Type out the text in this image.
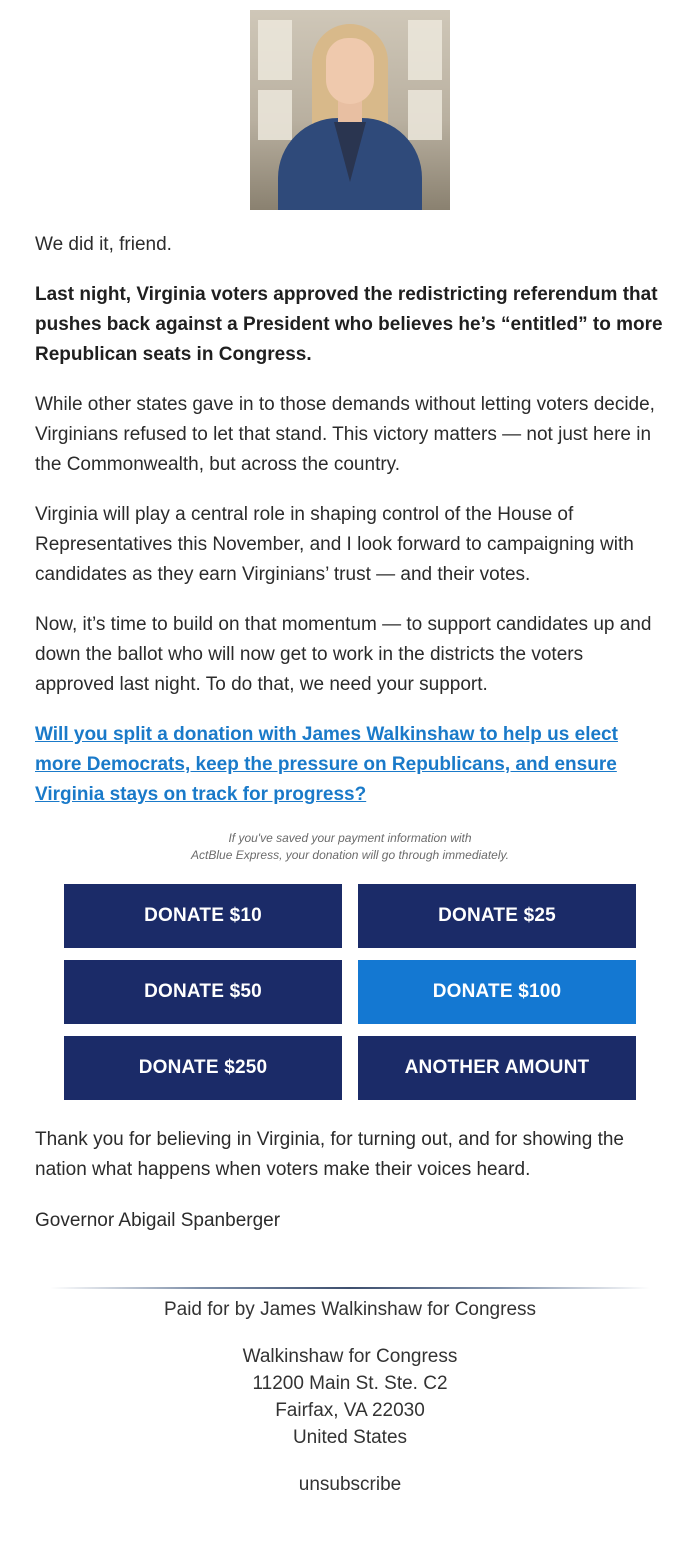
We did it, friend.

Last night, Virginia voters approved the redistricting referendum that pushes back against a President who believes he’s “entitled” to more Republican seats in Congress.

While other states gave in to those demands without letting voters decide, Virginians refused to let that stand. This victory matters — not just here in the Commonwealth, but across the country.

Virginia will play a central role in shaping control of the House of Representatives this November, and I look forward to campaigning with candidates as they earn Virginians’ trust — and their votes.

Now, it’s time to build on that momentum — to support candidates up and down the ballot who will now get to work in the districts the voters approved last night. To do that, we need your support.

Will you split a donation with James Walkinshaw to help us elect more Democrats, keep the pressure on Republicans, and ensure Virginia stays on track for progress?

If you've saved your payment information with

ActBlue Express, your donation will go through immediately.

DONATE $10	DONATE $25
DONATE $50	DONATE $100
DONATE $250	ANOTHER AMOUNT

Thank you for believing in Virginia, for turning out, and for showing the nation what happens when voters make their voices heard.

Governor Abigail Spanberger

Paid for by James Walkinshaw for Congress

Walkinshaw for Congress

11200 Main St. Ste. C2

Fairfax, VA 22030

United States

unsubscribe
